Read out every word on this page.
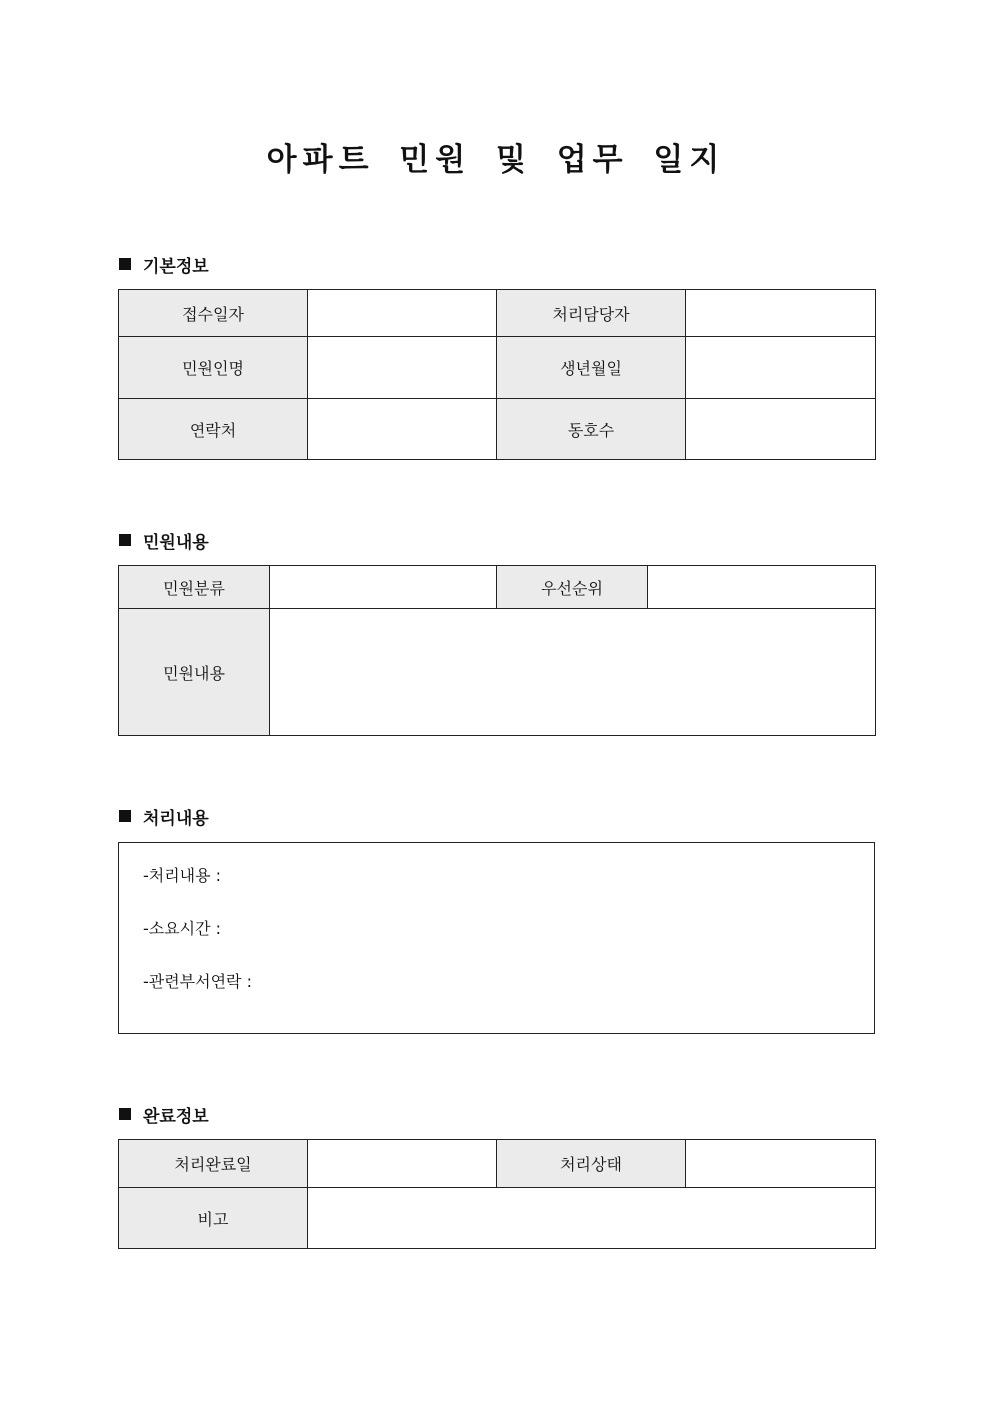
아파트 민원 및 업무 일지
기본정보
접수일자		처리담당자	
민원인명		생년월일	
연락처		동호수	
민원내용
민원분류		우선순위	
민원내용			
처리내용
-처리내용 :
-소요시간 :
-관련부서연락 :
완료정보
처리완료일		처리상태	
비고			
